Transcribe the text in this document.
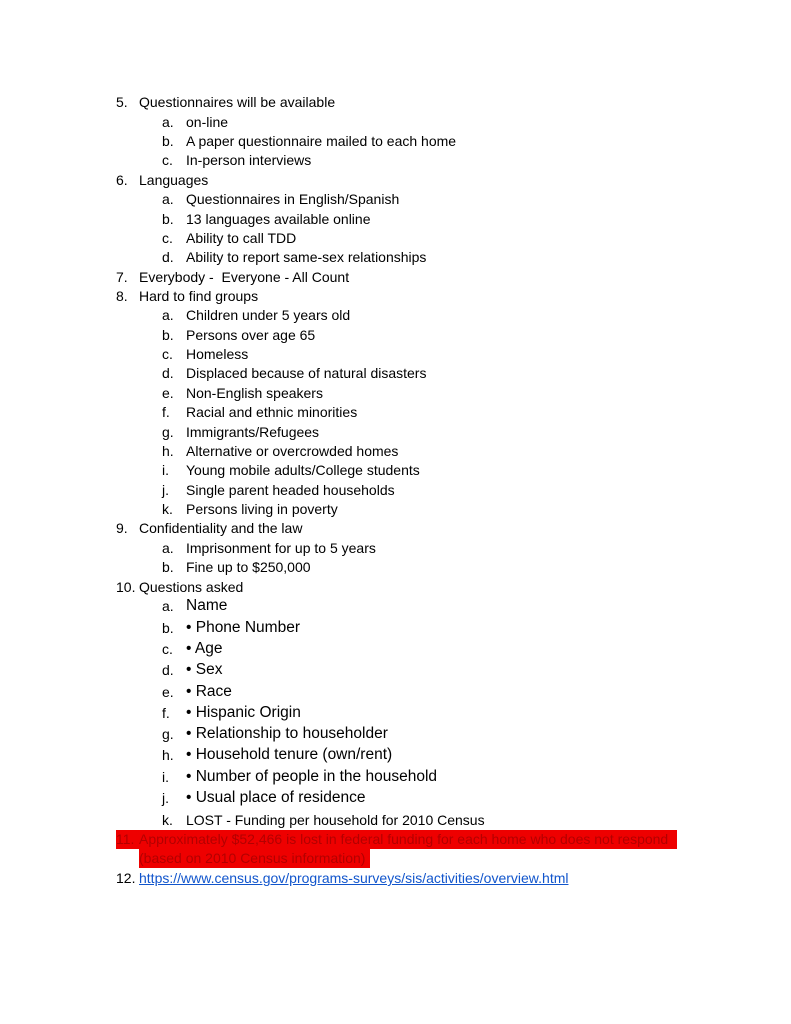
5. Questionnaires will be available
a. on-line
b. A paper questionnaire mailed to each home
c. In-person interviews
6. Languages
a. Questionnaires in English/Spanish
b. 13 languages available online
c. Ability to call TDD
d. Ability to report same-sex relationships
7. Everybody -  Everyone - All Count
8. Hard to find groups
a. Children under 5 years old
b. Persons over age 65
c. Homeless
d. Displaced because of natural disasters
e. Non-English speakers
f. Racial and ethnic minorities
g. Immigrants/Refugees
h. Alternative or overcrowded homes
i. Young mobile adults/College students
j. Single parent headed households
k. Persons living in poverty
9. Confidentiality and the law
a. Imprisonment for up to 5 years
b. Fine up to $250,000
10. Questions asked
a. Name
b. • Phone Number
c. • Age
d. • Sex
e. • Race
f. • Hispanic Origin
g. • Relationship to householder
h. • Household tenure (own/rent)
i. • Number of people in the household
j. • Usual place of residence
k. LOST - Funding per household for 2010 Census
11. Approximately $52,466 is lost in federal funding for each home who does not respond
(based on 2010 Census information)
12. https://www.census.gov/programs-surveys/sis/activities/overview.html
